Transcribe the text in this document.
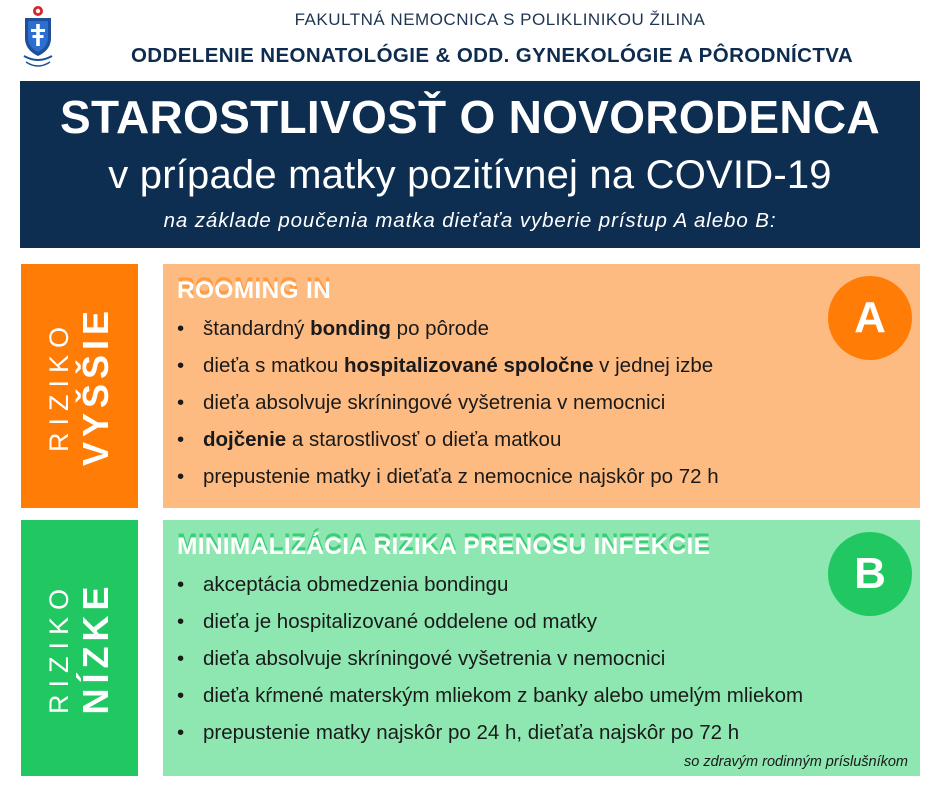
FAKULTNÁ NEMOCNICA S POLIKLINIKOU ŽILINA
ODDELENIE NEONATOLÓGIE & ODD. GYNEKOLÓGIE A PÔRODNÍCTVA
STAROSTLIVOSŤ O NOVORODENCA
v prípade matky pozitívnej na COVID-19
na základe poučenia matka dieťaťa vyberie prístup A alebo B:
RIZIKO VYŠŠIE
ROOMING IN
A
• štandardný bonding po pôrode
• dieťa s matkou hospitalizované spoločne v jednej izbe
• dieťa absolvuje skríningové vyšetrenia v nemocnici
• dojčenie a starostlivosť o dieťa matkou
• prepustenie matky i dieťaťa z nemocnice najskôr po 72 h
RIZIKO NÍZKE
MINIMALIZÁCIA RIZIKA PRENOSU INFEKCIE
B
• akceptácia obmedzenia bondingu
• dieťa je hospitalizované oddelene od matky
• dieťa absolvuje skríningové vyšetrenia v nemocnici
• dieťa kŕmené materským mliekom z banky alebo umelým mliekom
• prepustenie matky najskôr po 24 h, dieťaťa najskôr po 72 h
so zdravým rodinným príslušníkom
